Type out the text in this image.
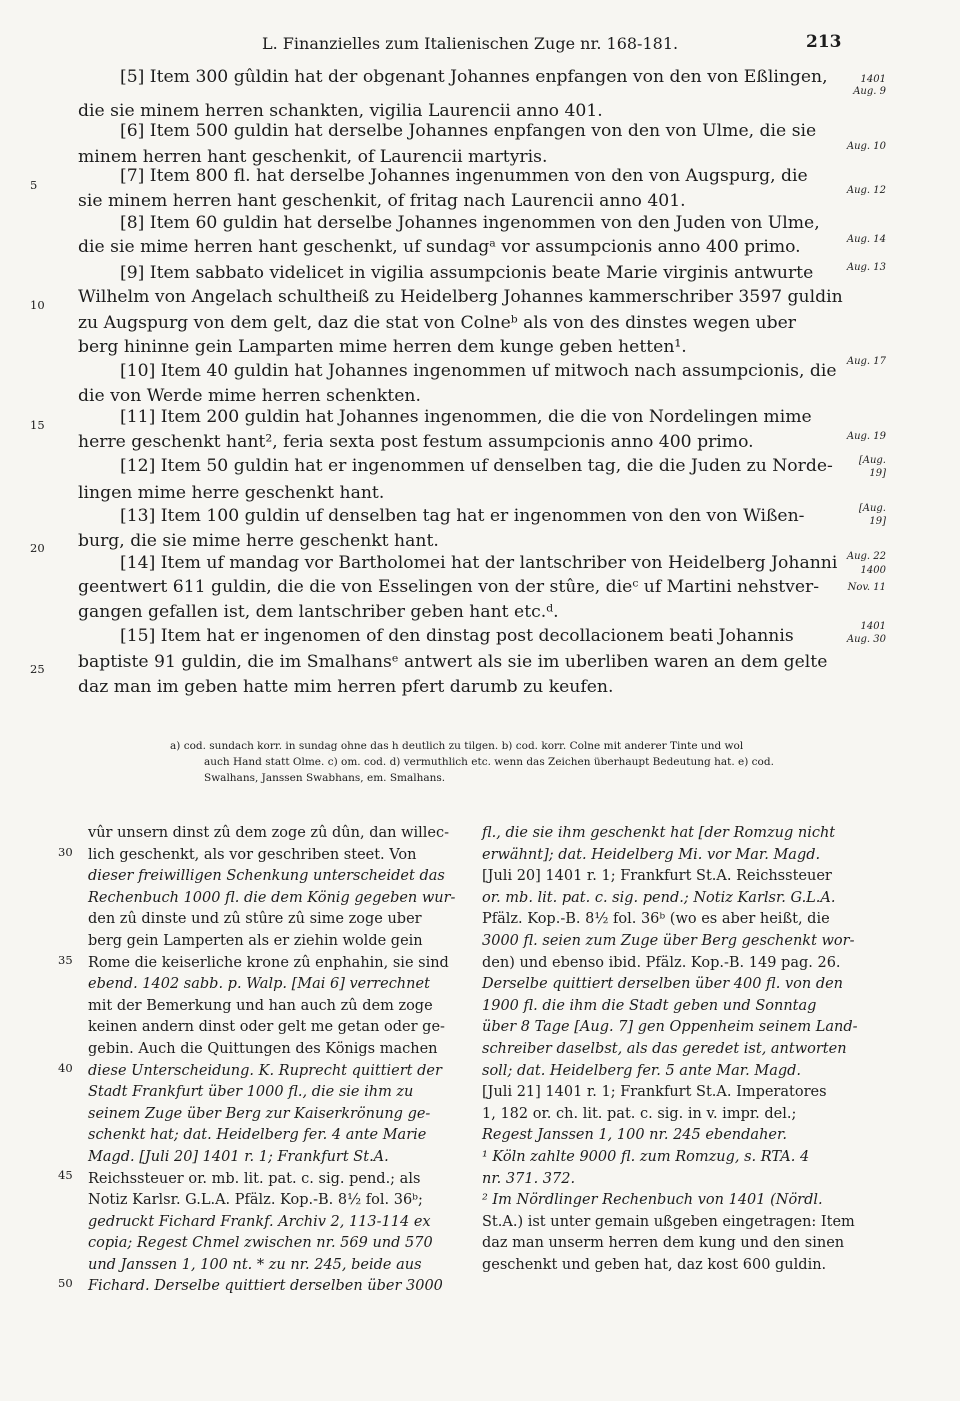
L. Finanzielles zum Italienischen Zuge nr. 168-181.	213
[5] Item 300 gûldin hat der obgenant Johannes enpfangen von den von Eßlingen,
die sie minem herren schankten, vigilia Laurencii anno 401.
[6] Item 500 guldin hat derselbe Johannes enpfangen von den von Ulme, die sie
minem herren hant geschenkit, of Laurencii martyris.
[7] Item 800 fl. hat derselbe Johannes ingenummen von den von Augspurg, die
sie minem herren hant geschenkit, of fritag nach Laurencii anno 401.
[8] Item 60 guldin hat derselbe Johannes ingenommen von den Juden von Ulme,
die sie mime herren hant geschenkt, uf sundagᵃ vor assumpcionis anno 400 primo.
[9] Item sabbato videlicet in vigilia assumpcionis beate Marie virginis antwurte
Wilhelm von Angelach schultheiß zu Heidelberg Johannes kammerschriber 3597 guldin
zu Augspurg von dem gelt, daz die stat von Colneᵇ als von des dinstes wegen uber
berg hininne gein Lamparten mime herren dem kunge geben hetten¹.
[10] Item 40 guldin hat Johannes ingenommen uf mitwoch nach assumpcionis, die
die von Werde mime herren schenkten.
[11] Item 200 guldin hat Johannes ingenommen, die die von Nordelingen mime
herre geschenkt hant², feria sexta post festum assumpcionis anno 400 primo.
[12] Item 50 guldin hat er ingenommen uf denselben tag, die die Juden zu Norde-
lingen mime herre geschenkt hant.
[13] Item 100 guldin uf denselben tag hat er ingenommen von den von Wißen-
burg, die sie mime herre geschenkt hant.
[14] Item uf mandag vor Bartholomei hat der lantschriber von Heidelberg Johanni
geentwert 611 guldin, die die von Esselingen von der stûre, dieᶜ uf Martini nehstver-
gangen gefallen ist, dem lantschriber geben hant etc.ᵈ.
[15] Item hat er ingenomen of den dinstag post decollacionem beati Johannis
baptiste 91 guldin, die im Smalhansᵉ antwert als sie im uberliben waren an dem gelte
daz man im geben hatte mim herren pfert darumb zu keufen.
5
10
15
20
25
1401
Aug. 9
Aug. 10
Aug. 12
Aug. 14
Aug. 13
Aug. 17
Aug. 19
[Aug.
19]
[Aug.
19]
Aug. 22
1400
Nov. 11
1401
Aug. 30
a) cod. sundach korr. in sundag ohne das h deutlich zu tilgen. b) cod. korr. Colne mit anderer Tinte und wol
auch Hand statt Olme. c) om. cod. d) vermuthlich etc. wenn das Zeichen überhaupt Bedeutung hat. e) cod.
Swalhans, Janssen Swabhans, em. Smalhans.
30
35
40
45
50
vûr unsern dinst zû dem zoge zû dûn, dan willec-
lich geschenkt, als vor geschriben steet. Von
dieser freiwilligen Schenkung unterscheidet das
Rechenbuch 1000 fl. die dem König gegeben wur-
den zû dinste und zû stûre zû sime zoge uber
berg gein Lamperten als er ziehin wolde gein
Rome die keiserliche krone zû enphahin, sie sind
ebend. 1402 sabb. p. Walp. [Mai 6] verrechnet
mit der Bemerkung und han auch zû dem zoge
keinen andern dinst oder gelt me getan oder ge-
gebin. Auch die Quittungen des Königs machen
diese Unterscheidung. K. Ruprecht quittiert der
Stadt Frankfurt über 1000 fl., die sie ihm zu
seinem Zuge über Berg zur Kaiserkrönung ge-
schenkt hat; dat. Heidelberg fer. 4 ante Marie
Magd. [Juli 20] 1401 r. 1; Frankfurt St.A.
Reichssteuer or. mb. lit. pat. c. sig. pend.; als
Notiz Karlsr. G.L.A. Pfälz. Kop.-B. 8½ fol. 36ᵇ;
gedruckt Fichard Frankf. Archiv 2, 113-114 ex
copia; Regest Chmel zwischen nr. 569 und 570
und Janssen 1, 100 nt. * zu nr. 245, beide aus
Fichard. Derselbe quittiert derselben über 3000
fl., die sie ihm geschenkt hat [der Romzug nicht
erwähnt]; dat. Heidelberg Mi. vor Mar. Magd.
[Juli 20] 1401 r. 1; Frankfurt St.A. Reichssteuer
or. mb. lit. pat. c. sig. pend.; Notiz Karlsr. G.L.A.
Pfälz. Kop.-B. 8½ fol. 36ᵇ (wo es aber heißt, die
3000 fl. seien zum Zuge über Berg geschenkt wor-
den) und ebenso ibid. Pfälz. Kop.-B. 149 pag. 26.
Derselbe quittiert derselben über 400 fl. von den
1900 fl. die ihm die Stadt geben und Sonntag
über 8 Tage [Aug. 7] gen Oppenheim seinem Land-
schreiber daselbst, als das geredet ist, antworten
soll; dat. Heidelberg fer. 5 ante Mar. Magd.
[Juli 21] 1401 r. 1; Frankfurt St.A. Imperatores
1, 182 or. ch. lit. pat. c. sig. in v. impr. del.;
Regest Janssen 1, 100 nr. 245 ebendaher.
¹ Köln zahlte 9000 fl. zum Romzug, s. RTA. 4
nr. 371. 372.
² Im Nördlinger Rechenbuch von 1401 (Nördl.
St.A.) ist unter gemain ußgeben eingetragen: Item
daz man unserm herren dem kung und den sinen
geschenkt und geben hat, daz kost 600 guldin.
